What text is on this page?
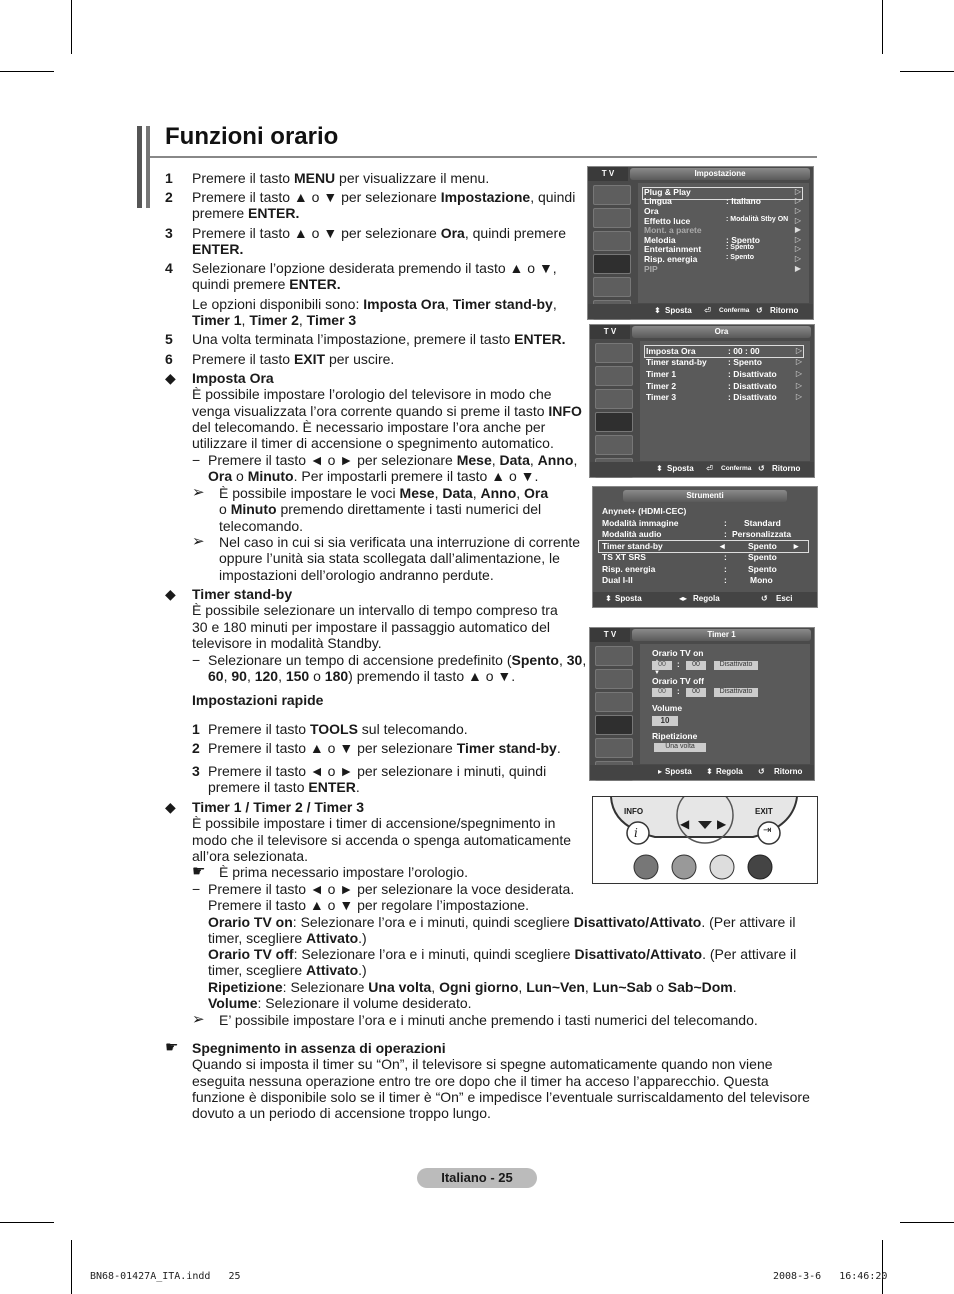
Funzioni orario
1 Premere il tasto MENU per visualizzare il menu.
2 Premere il tasto ▲ o ▼ per selezionare Impostazione, quindi
premere ENTER.
3 Premere il tasto ▲ o ▼ per selezionare Ora, quindi premere
ENTER.
4 Selezionare l’opzione desiderata premendo il tasto ▲ o ▼,
quindi premere ENTER.
Le opzioni disponibili sono: Imposta Ora, Timer stand-by,
Timer 1, Timer 2, Timer 3
5 Una volta terminata l’impostazione, premere il tasto ENTER.
6 Premere il tasto EXIT per uscire.
◆ Imposta Ora
È possibile impostare l’orologio del televisore in modo che
venga visualizzata l’ora corrente quando si preme il tasto INFO
del telecomando. È necessario impostare l’ora anche per
utilizzare il timer di accensione o spegnimento automatico.
− Premere il tasto ◄ o ► per selezionare Mese, Data, Anno,
Ora o Minuto. Per impostarli premere il tasto ▲ o ▼.
➢ È possibile impostare le voci Mese, Data, Anno, Ora
o Minuto premendo direttamente i tasti numerici del
telecomando.
➢ Nel caso in cui si sia verificata una interruzione di corrente
oppure l’unità sia stata scollegata dall’alimentazione, le
impostazioni dell’orologio andranno perdute.
◆ Timer stand-by
È possibile selezionare un intervallo di tempo compreso tra
30 e 180 minuti per impostare il passaggio automatico del
televisore in modalità Standby.
− Selezionare un tempo di accensione predefinito (Spento, 30,
60, 90, 120, 150 o 180) premendo il tasto ▲ o ▼.
Impostazioni rapide
1 Premere il tasto TOOLS sul telecomando.
2 Premere il tasto ▲ o ▼ per selezionare Timer stand-by.
3 Premere il tasto ◄ o ► per selezionare i minuti, quindi
premere il tasto ENTER.
◆ Timer 1 / Timer 2 / Timer 3
È possibile impostare i timer di accensione/spegnimento in
modo che il televisore si accenda o spenga automaticamente
all’ora selezionata.
☛ È prima necessario impostare l’orologio.
− Premere il tasto ◄ o ► per selezionare la voce desiderata.
Premere il tasto ▲ o ▼ per regolare l’impostazione.
Orario TV on: Selezionare l’ora e i minuti, quindi scegliere Disattivato/Attivato. (Per attivare il
timer, scegliere Attivato.)
Orario TV off: Selezionare l’ora e i minuti, quindi scegliere Disattivato/Attivato. (Per attivare il
timer, scegliere Attivato.)
Ripetizione: Selezionare Una volta, Ogni giorno, Lun~Ven, Lun~Sab o Sab~Dom.
Volume: Selezionare il volume desiderato.
➢ E’ possibile impostare l’ora e i minuti anche premendo i tasti numerici del telecomando.
☛ Spegnimento in assenza di operazioni
Quando si imposta il timer su “On”, il televisore si spegne automaticamente quando non viene
eseguita nessuna operazione entro tre ore dopo che il timer ha acceso l’apparecchio. Questa
funzione è disponibile solo se il timer è “On” e impedisce l’eventuale surriscaldamento del televisore
dovuto a un periodo di accensione troppo lungo.
T V	Impostazione
Plug & Play
Lingua	: Italiano
Ora
Effetto luce	: Modalità Stby ON
Mont. a parete
Melodia	: Spento
Entertainment	: Spento
Risp. energia	: Spento
PIP
▷
▷
▷
▷
▶
▷
▷
▷
▶
⬍ Sposta ⏎ Conferma ↺ Ritorno
T V	Ora
Imposta Ora	: 00 : 00
Timer stand-by : Spento
Timer 1	: Disattivato
Timer 2	: Disattivato
Timer 3	: Disattivato
▷
▷
▷
▷
▷
⬍ Sposta ⏎ Conferma ↺ Ritorno
Strumenti
Anynet+ (HDMI-CEC)
Modalità immagine	: Standard
Modalità audio	: Personalizzata
Timer stand-by	◄	Spento ►
TS XT SRS	: Spento
Risp. energia	: Spento
Dual I-II	:	Mono
⬍ Sposta	◂▸ Regola	↺ Esci
T V	Timer 1
Orario TV on
00
▼
:	00	Disattivato
Orario TV off
00	:	00	Disattivato
Volume
10
Ripetizione
Una volta
▸ Sposta ⬍ Regola ↺ Ritorno
INFO
i
EXIT
⇥
◀ ▶
Italiano - 25
BN68-01427A_ITA.indd   25	2008-3-6   16:46:20
